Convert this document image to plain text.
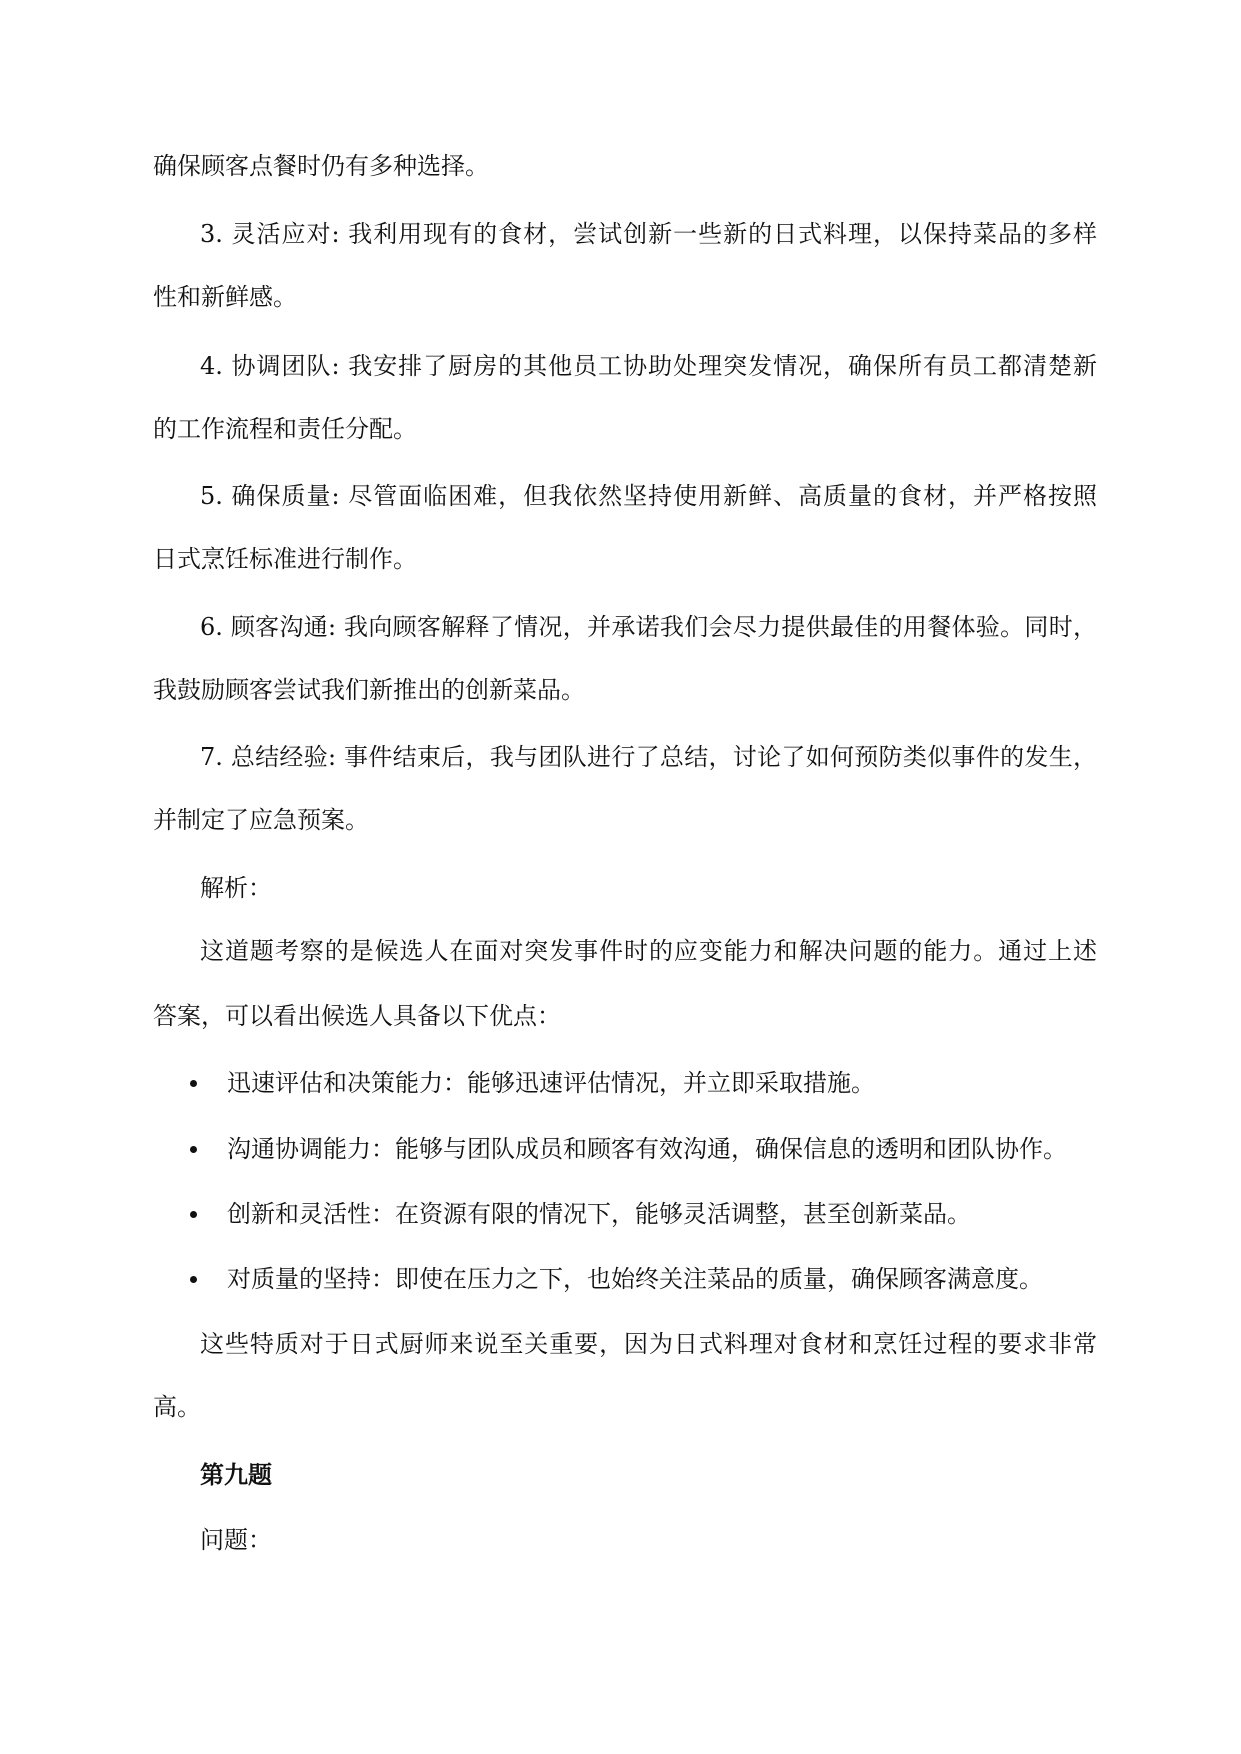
确保顾客点餐时仍有多种选择。
3. 灵活应对: 我利用现有的食材，尝试创新一些新的日式料理，以保持菜品的多样
性和新鲜感。
4. 协调团队: 我安排了厨房的其他员工协助处理突发情况，确保所有员工都清楚新
的工作流程和责任分配。
5. 确保质量: 尽管面临困难，但我依然坚持使用新鲜、高质量的食材，并严格按照
日式烹饪标准进行制作。
6. 顾客沟通: 我向顾客解释了情况，并承诺我们会尽力提供最佳的用餐体验。同时，
我鼓励顾客尝试我们新推出的创新菜品。
7. 总结经验: 事件结束后，我与团队进行了总结，讨论了如何预防类似事件的发生，
并制定了应急预案。
解析：
这道题考察的是候选人在面对突发事件时的应变能力和解决问题的能力。通过上述
答案，可以看出候选人具备以下优点：
迅速评估和决策能力：能够迅速评估情况，并立即采取措施。
沟通协调能力：能够与团队成员和顾客有效沟通，确保信息的透明和团队协作。
创新和灵活性：在资源有限的情况下，能够灵活调整，甚至创新菜品。
对质量的坚持：即使在压力之下，也始终关注菜品的质量，确保顾客满意度。
这些特质对于日式厨师来说至关重要，因为日式料理对食材和烹饪过程的要求非常
高。
第九题
问题：
